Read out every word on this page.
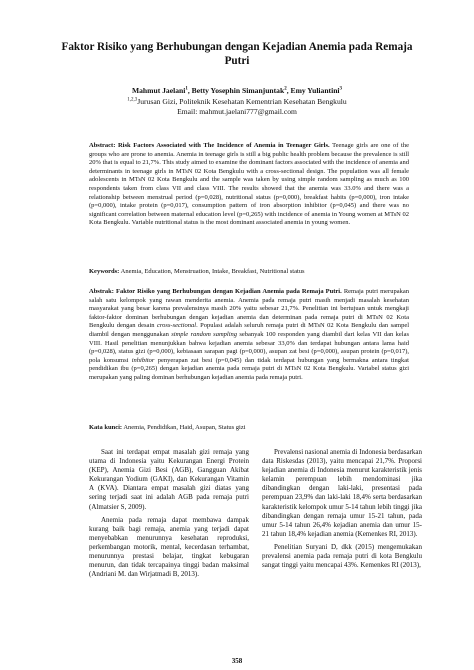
Faktor Risiko yang Berhubungan dengan Kejadian Anemia pada Remaja Putri
Mahmut Jaelani$^1$, Betty Yosephin Simanjuntak$^2$, Emy Yuliantini$^3$
$^{1,2,3}$Jurusan Gizi, Politeknik Kesehatan Kementrian Kesehatan Bengkulu
Email: mahmut.jaelani777@gmail.com
Abstract: Risk Factors Associated with The Incidence of Anemia in Teenager Girls. Teenage girls are one of the groups who are prone to anemia. Anemia in teenage girls is still a big public health problem because the prevalence is still 20% that is equal to 21,7%. This study aimed to examine the dominant factors associated with the incidence of anemia and determinants in teenage girls in MTsN 02 Kota Bengkulu with a cross-sectional design. The population was all female adolescents in MTsN 02 Kota Bengkulu and the sample was taken by using simple random sampling as much as 100 respondents taken from class VII and class VIII. The results showed that the anemia was 33.0% and there was a relationship between menstrual period (p=0,028), nutritional status (p=0,000), breakfast habits (p=0,000), iron intake (p=0,000), intake protein (p=0,017), consumption pattern of iron absorption inhibitor (p=0,045) and there was no significant correlation between maternal education level (p=0,265) with incidence of anemia in Young women at MTsN 02 Kota Bengkulu. Variable nutritional status is the most dominant associated anemia in young women.
Keywords: Anemia, Education, Menstruation, Intake, Breakfast, Nutritional status
Abstrak: Faktor Risiko yang Berhubungan dengan Kejadian Anemia pada Remaja Putri. Remaja putri merupakan salah satu kelompok yang rawan menderita anemia. Anemia pada remaja putri masih menjadi masalah kesehatan masyarakat yang besar karena prevalensinya masih 20% yaitu sebesar 21,7%. Penelitian ini bertujuan untuk mengkaji faktor-faktor dominan berhubungan dengan kejadian anemia dan determinan pada remaja putri di MTsN 02 Kota Bengkulu dengan desain cross-sectional. Populasi adalah seluruh remaja putri di MTsN 02 Kota Bengkulu dan sampel diambil dengan menggunakan simple random sampling sebanyak 100 responden yang diambil dari kelas VII dan kelas VIII. Hasil penelitian menunjukkan bahwa kejadian anemia sebesar 33,0% dan terdapat hubungan antara lama haid (p=0,028), status gizi (p=0,000), kebiasaan sarapan pagi (p=0,000), asupan zat besi (p=0,000), asupan protein (p=0,017), pola konsumsi inhibitor penyerapan zat besi (p=0,045) dan tidak terdapat hubungan yang bermakna antara tingkat pendidikan ibu (p=0,265) dengan kejadian anemia pada remaja putri di MTsN 02 Kota Bengkulu. Variabel status gizi merupakan yang paling dominan berhubungan kejadian anemia pada remaja putri.
Kata kunci: Anemia, Pendidikan, Haid, Asupan, Status gizi

Saat ini terdapat empat masalah gizi remaja yang utama di Indonesia yaitu Kekurangan Energi Protein (KEP), Anemia Gizi Besi (AGB), Gangguan Akibat Kekurangan Yodium (GAKI), dan Kekurangan Vitamin A (KVA). Diantara empat masalah gizi diatas yang sering terjadi saat ini adalah AGB pada remaja putri (Almatsier S, 2009).

Anemia pada remaja dapat membawa dampak kurang baik bagi remaja, anemia yang terjadi dapat menyebabkan menurunnya kesehatan reproduksi, perkembangan motorik, mental, kecerdasan terhambat, menurunnya prestasi belajar, tingkat kebugaran menurun, dan tidak tercapainya tinggi badan maksimal (Andriani M. dan Wirjatmadi B, 2013).

Prevalensi nasional anemia di Indonesia berdasarkan data Riskesdas (2013), yaitu mencapai 21,7%. Proporsi kejadian anemia di Indonesia menurut karakteristik jenis kelamin perempuan lebih mendominasi jika dibandingkan dengan laki-laki, presentasi pada perempuan 23,9% dan laki-laki 18,4% serta berdasarkan karakteristik kelompok umur 5-14 tahun lebih tinggi jika dibandingkan dengan remaja umur 15-21 tahun, pada umur 5-14 tahun 26,4% kejadian anemia dan umur 15-21 tahun 18,4% kejadian anemia (Kemenkes RI, 2013).

Penelitian Suryani D, dkk (2015) mengemukakan prevalensi anemia pada remaja putri di kota Bengkulu sangat tinggi yaitu mencapai 43%. Kemenkes RI (2013),

358
